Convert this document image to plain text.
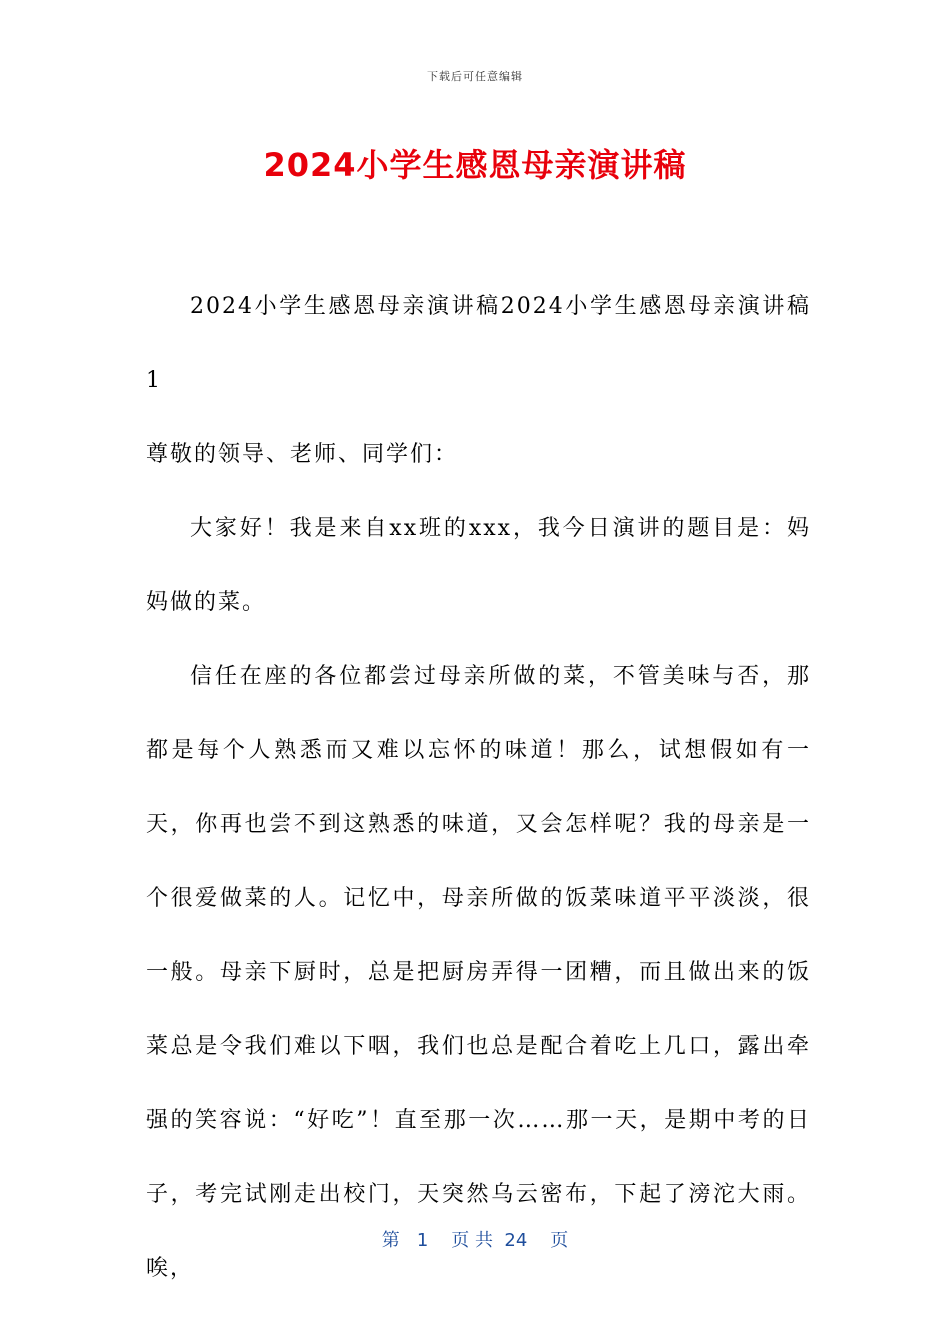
下载后可任意编辑
2024小学生感恩母亲演讲稿

2024小学生感恩母亲演讲稿2024小学生感恩母亲演讲稿1

尊敬的领导、老师、同学们：

大家好！我是来自xx班的xxx，我今日演讲的题目是：妈妈做的菜。

信任在座的各位都尝过母亲所做的菜，不管美味与否，那都是每个人熟悉而又难以忘怀的味道！那么，试想假如有一天，你再也尝不到这熟悉的味道，又会怎样呢？我的母亲是一个很爱做菜的人。记忆中，母亲所做的饭菜味道平平淡淡，很一般。母亲下厨时，总是把厨房弄得一团糟，而且做出来的饭菜总是令我们难以下咽，我们也总是配合着吃上几口，露出牵强的笑容说：“好吃”！直至那一次……那一天，是期中考的日子，考完试刚走出校门，天突然乌云密布，下起了滂沱大雨。唉，

第   1    页 共  24    页
